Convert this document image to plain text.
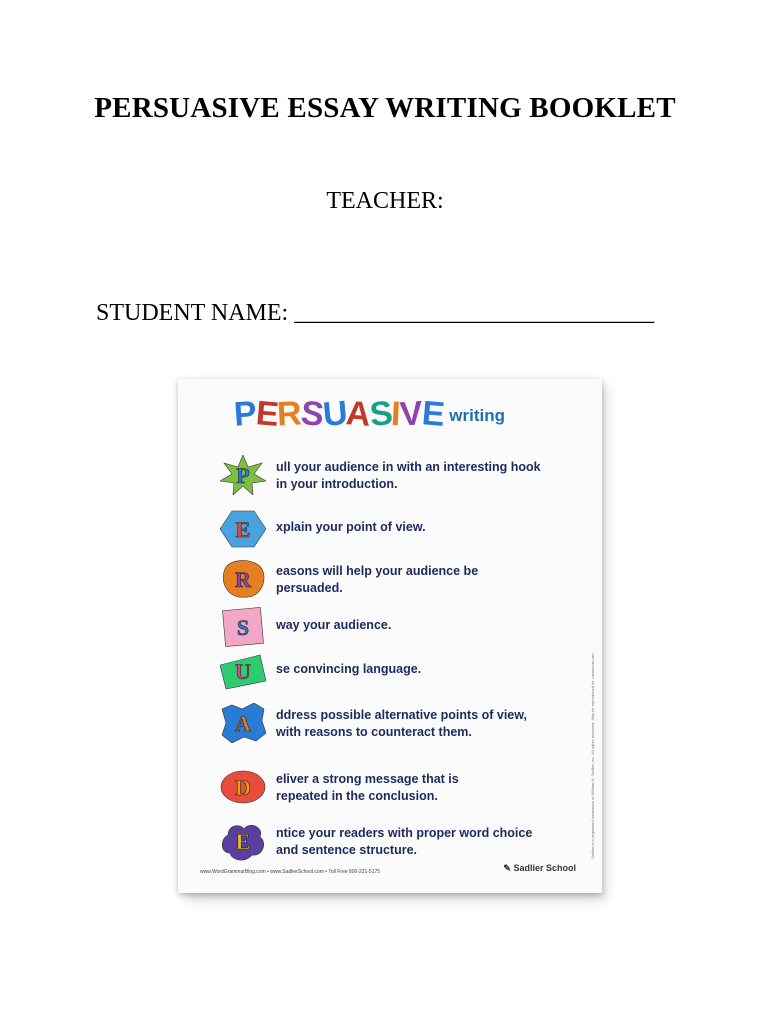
PERSUASIVE ESSAY WRITING BOOKLET
TEACHER:
STUDENT NAME: ______________________________
PERSUASIVE writing
P ull your audience in with an interesting hook
in your introduction.
E xplain your point of view.
R easons will help your audience be
persuaded.
S way your audience.
U se convincing language.
A ddress possible alternative points of view,
with reasons to counteract them.
D eliver a strong message that is
repeated in the conclusion.
E ntice your readers with proper word choice
and sentence structure.	Sadlier is a registered trademark of William H. Sadlier, Inc. All rights reserved. May be reproduced for classroom use.
www.WordGrammarBlog.com • www.SadlierSchool.com • Toll Free 800-221-5175	✎ Sadlier School
